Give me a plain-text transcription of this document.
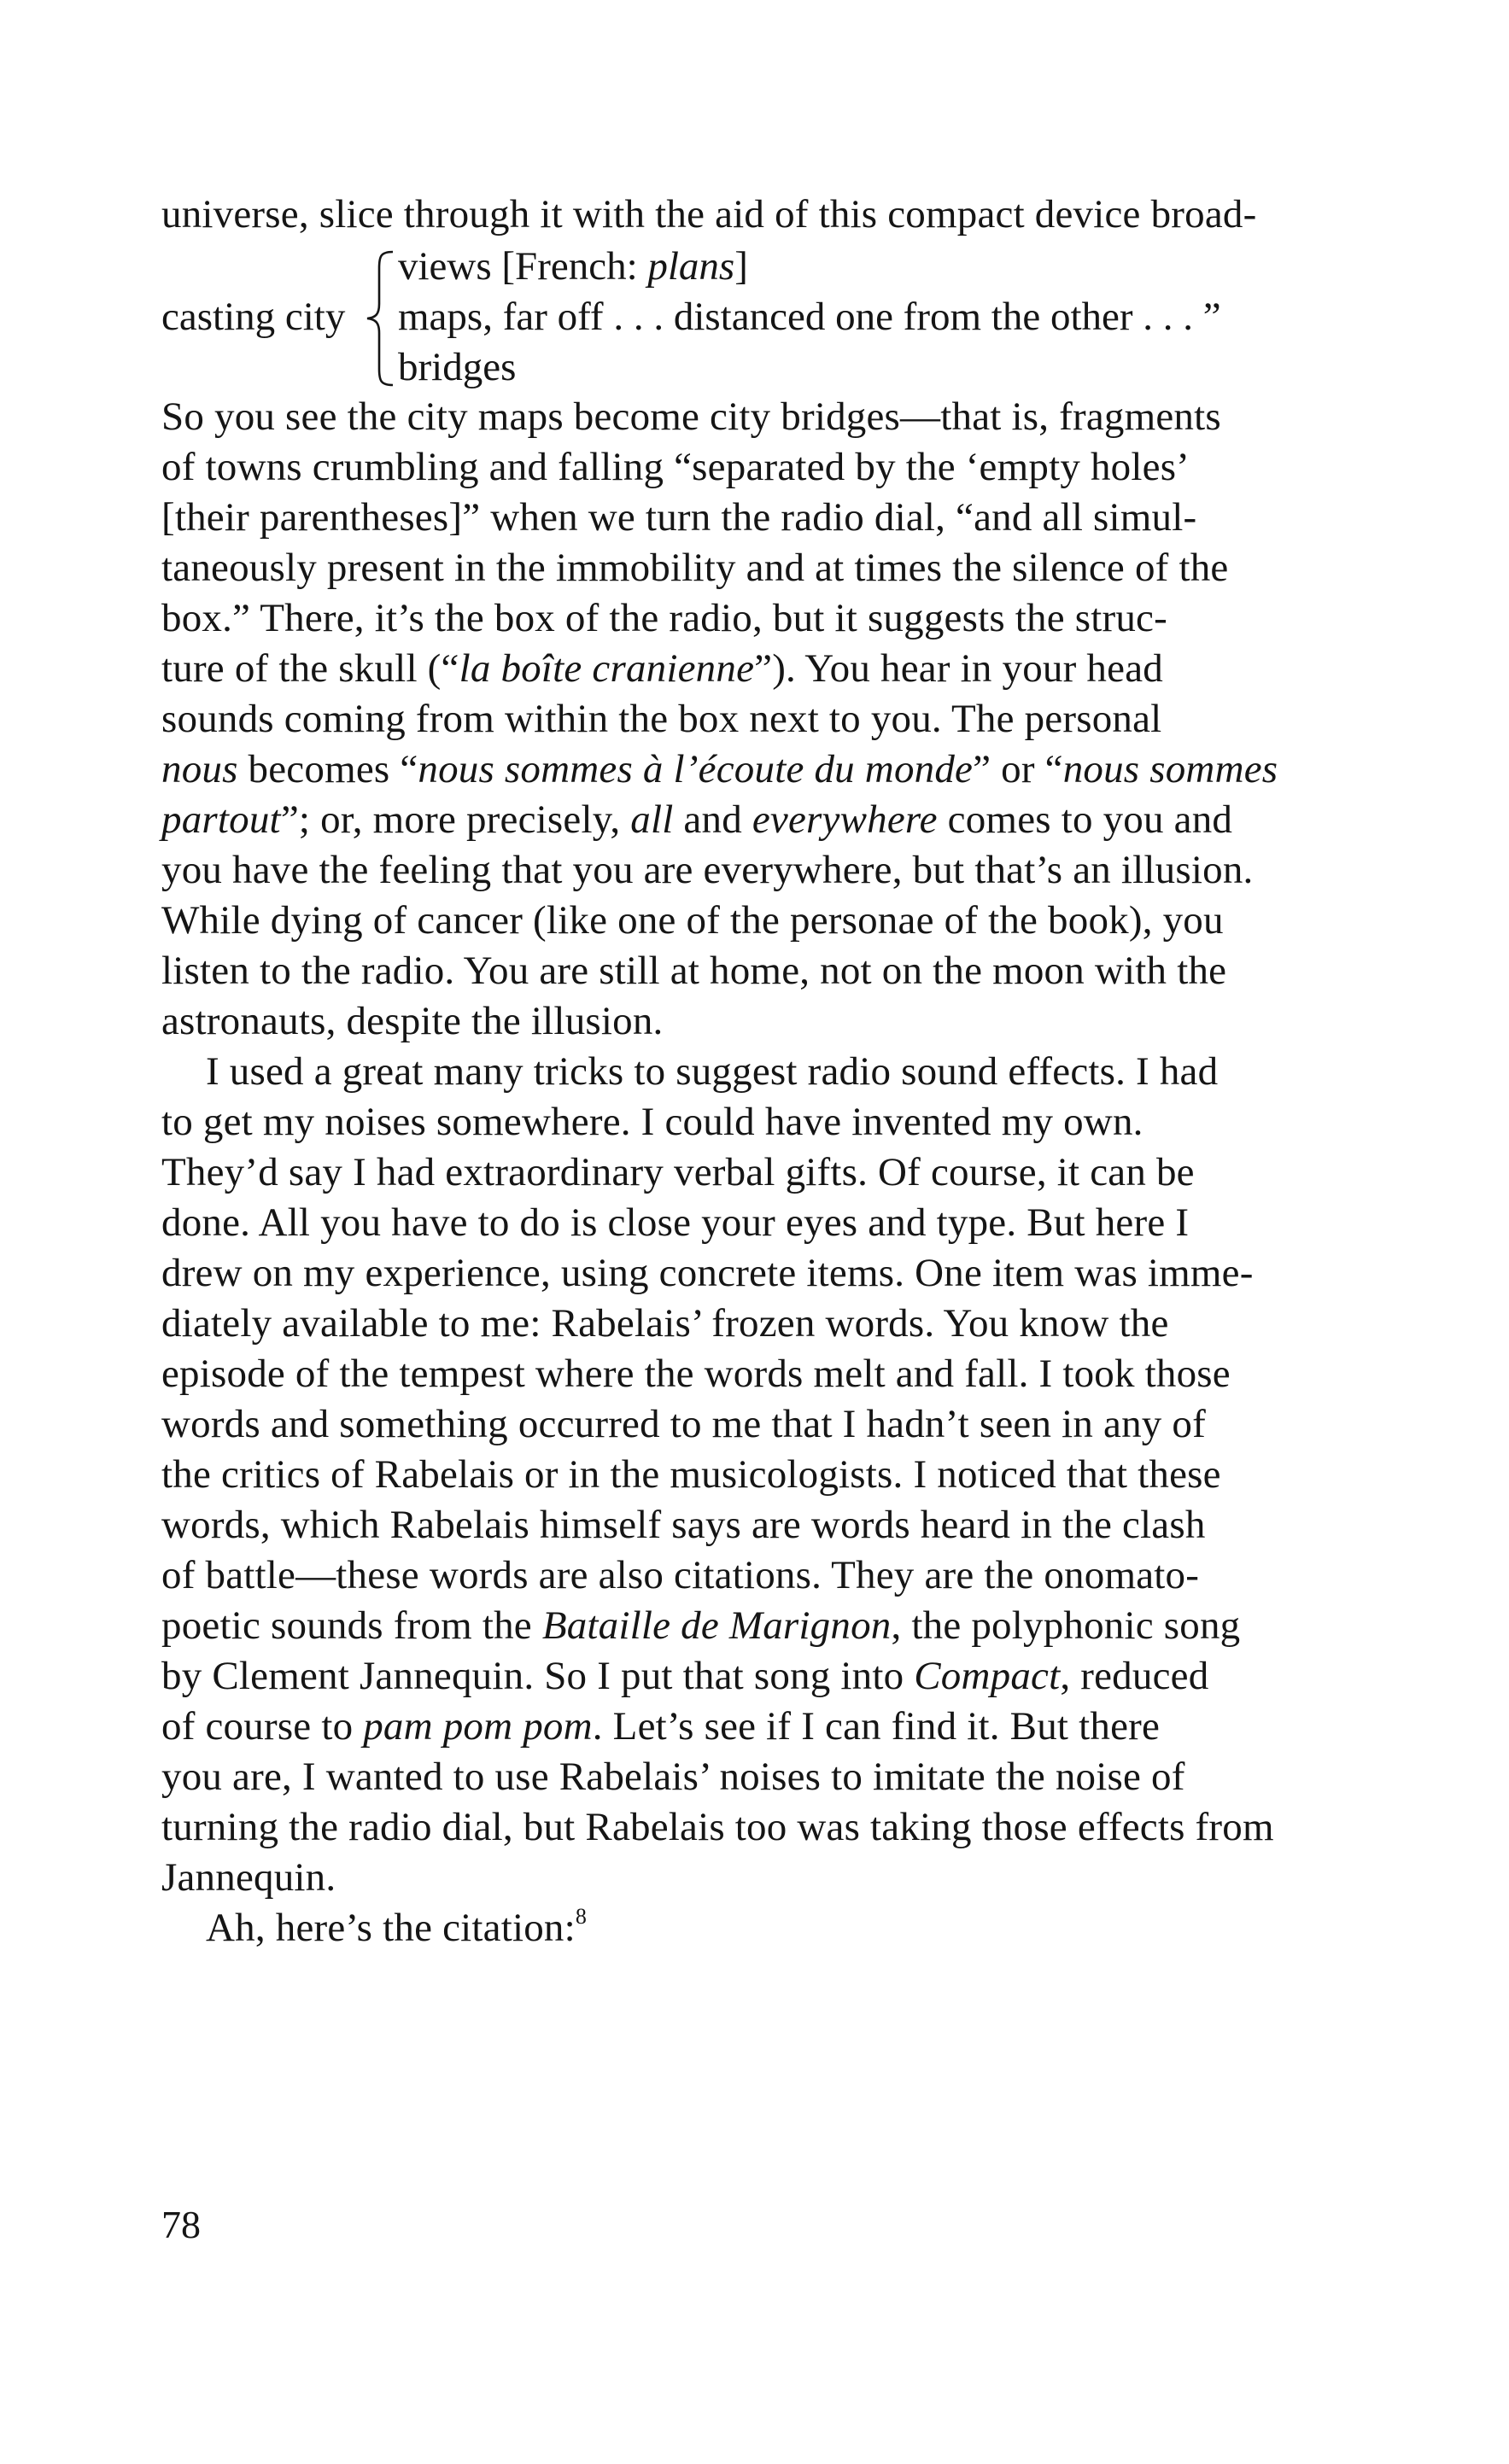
universe, slice through it with the aid of this compact device broad-
views [French: plans]
casting city maps, far off . . . distanced one from the other . . . ”
bridges
So you see the city maps become city bridges—that is, fragments
of towns crumbling and falling “separated by the ‘empty holes’
[their parentheses]” when we turn the radio dial, “and all simul-
taneously present in the immobility and at times the silence of the
box.” There, it’s the box of the radio, but it suggests the struc-
ture of the skull (“la boîte cranienne”). You hear in your head
sounds coming from within the box next to you. The personal
nous becomes “nous sommes à l’écoute du monde” or “nous sommes
partout”; or, more precisely, all and everywhere comes to you and
you have the feeling that you are everywhere, but that’s an illusion.
While dying of cancer (like one of the personae of the book), you
listen to the radio. You are still at home, not on the moon with the
astronauts, despite the illusion.
I used a great many tricks to suggest radio sound effects. I had
to get my noises somewhere. I could have invented my own.
They’d say I had extraordinary verbal gifts. Of course, it can be
done. All you have to do is close your eyes and type. But here I
drew on my experience, using concrete items. One item was imme-
diately available to me: Rabelais’ frozen words. You know the
episode of the tempest where the words melt and fall. I took those
words and something occurred to me that I hadn’t seen in any of
the critics of Rabelais or in the musicologists. I noticed that these
words, which Rabelais himself says are words heard in the clash
of battle—these words are also citations. They are the onomato-
poetic sounds from the Bataille de Marignon, the polyphonic song
by Clement Jannequin. So I put that song into Compact, reduced
of course to pam pom pom. Let’s see if I can find it. But there
you are, I wanted to use Rabelais’ noises to imitate the noise of
turning the radio dial, but Rabelais too was taking those effects from
Jannequin.
Ah, here’s the citation:$^8$
78
